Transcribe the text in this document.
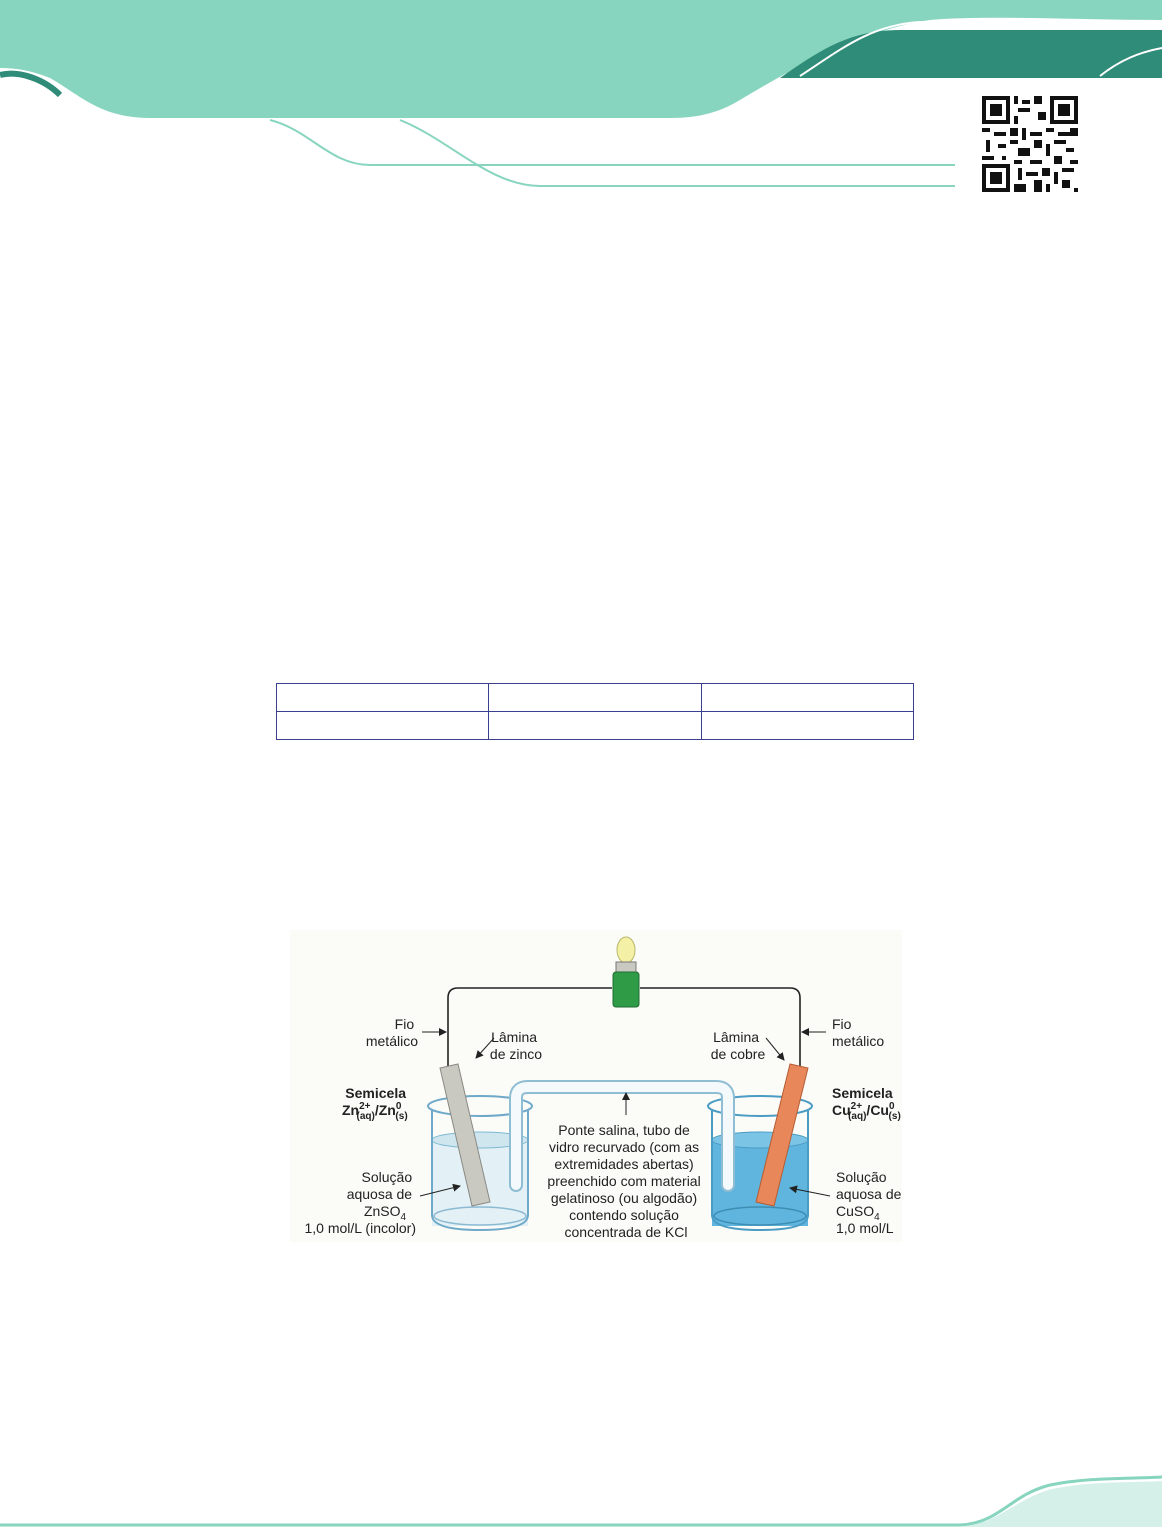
Fio metálico	Lâmina de zinco
Semicela
$Zn^{2+}$ (aq)/Zn$^0$ (s)
Solução aquosa de ZnSO$_4$ 1,0 mol/L (incolor)
Fio metálico
Lâmina de cobre
Semicela
$Cu^{2+}$ (aq)/Cu$^0$ (s)
Solução aquosa de CuSO$_4$ 1,0 mol/L
Ponte salina, tubo de vidro recurvado (com as extremidades abertas) preenchido com material gelatinoso (ou algodão) contendo solução concentrada de KCl
